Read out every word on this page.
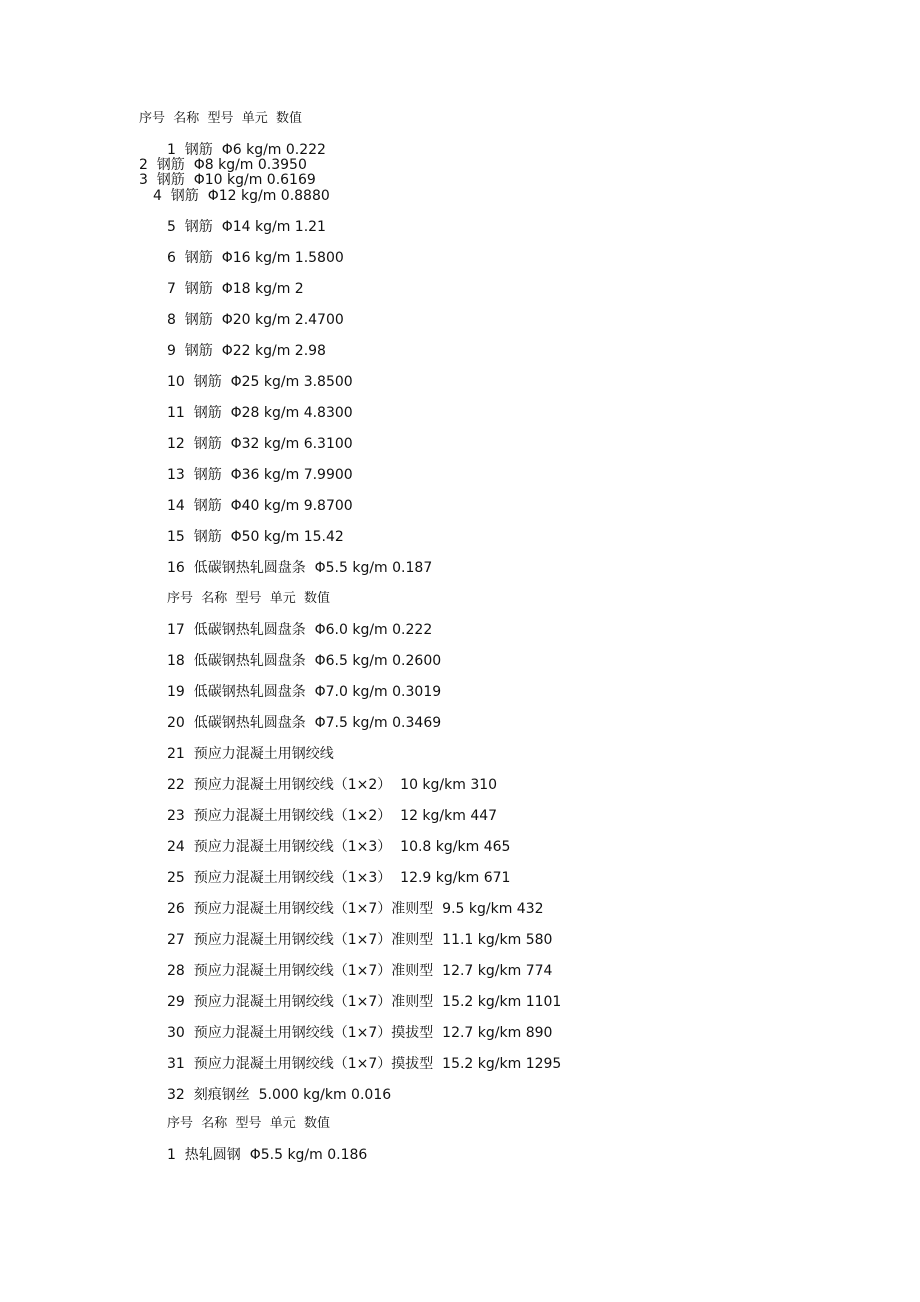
序号  名称  型号  单元  数值
1  钢筋  Φ6 kg/m 0.222
2  钢筋  Φ8 kg/m 0.3950
3  钢筋  Φ10 kg/m 0.6169
4  钢筋  Φ12 kg/m 0.8880
5  钢筋  Φ14 kg/m 1.21
6  钢筋  Φ16 kg/m 1.5800
7  钢筋  Φ18 kg/m 2
8  钢筋  Φ20 kg/m 2.4700
9  钢筋  Φ22 kg/m 2.98
10  钢筋  Φ25 kg/m 3.8500
11  钢筋  Φ28 kg/m 4.8300
12  钢筋  Φ32 kg/m 6.3100
13  钢筋  Φ36 kg/m 7.9900
14  钢筋  Φ40 kg/m 9.8700
15  钢筋  Φ50 kg/m 15.42
16  低碳钢热轧圆盘条  Φ5.5 kg/m 0.187
序号  名称  型号  单元  数值
17  低碳钢热轧圆盘条  Φ6.0 kg/m 0.222
18  低碳钢热轧圆盘条  Φ6.5 kg/m 0.2600
19  低碳钢热轧圆盘条  Φ7.0 kg/m 0.3019
20  低碳钢热轧圆盘条  Φ7.5 kg/m 0.3469
21  预应力混凝土用钢绞线
22  预应力混凝土用钢绞线（1×2）  10 kg/km 310
23  预应力混凝土用钢绞线（1×2）  12 kg/km 447
24  预应力混凝土用钢绞线（1×3）  10.8 kg/km 465
25  预应力混凝土用钢绞线（1×3）  12.9 kg/km 671
26  预应力混凝土用钢绞线（1×7）准则型  9.5 kg/km 432
27  预应力混凝土用钢绞线（1×7）准则型  11.1 kg/km 580
28  预应力混凝土用钢绞线（1×7）准则型  12.7 kg/km 774
29  预应力混凝土用钢绞线（1×7）准则型  15.2 kg/km 1101
30  预应力混凝土用钢绞线（1×7）摸拔型  12.7 kg/km 890
31  预应力混凝土用钢绞线（1×7）摸拔型  15.2 kg/km 1295
32  刻痕钢丝  5.000 kg/km 0.016
序号  名称  型号  单元  数值
1  热轧圆钢  Φ5.5 kg/m 0.186
